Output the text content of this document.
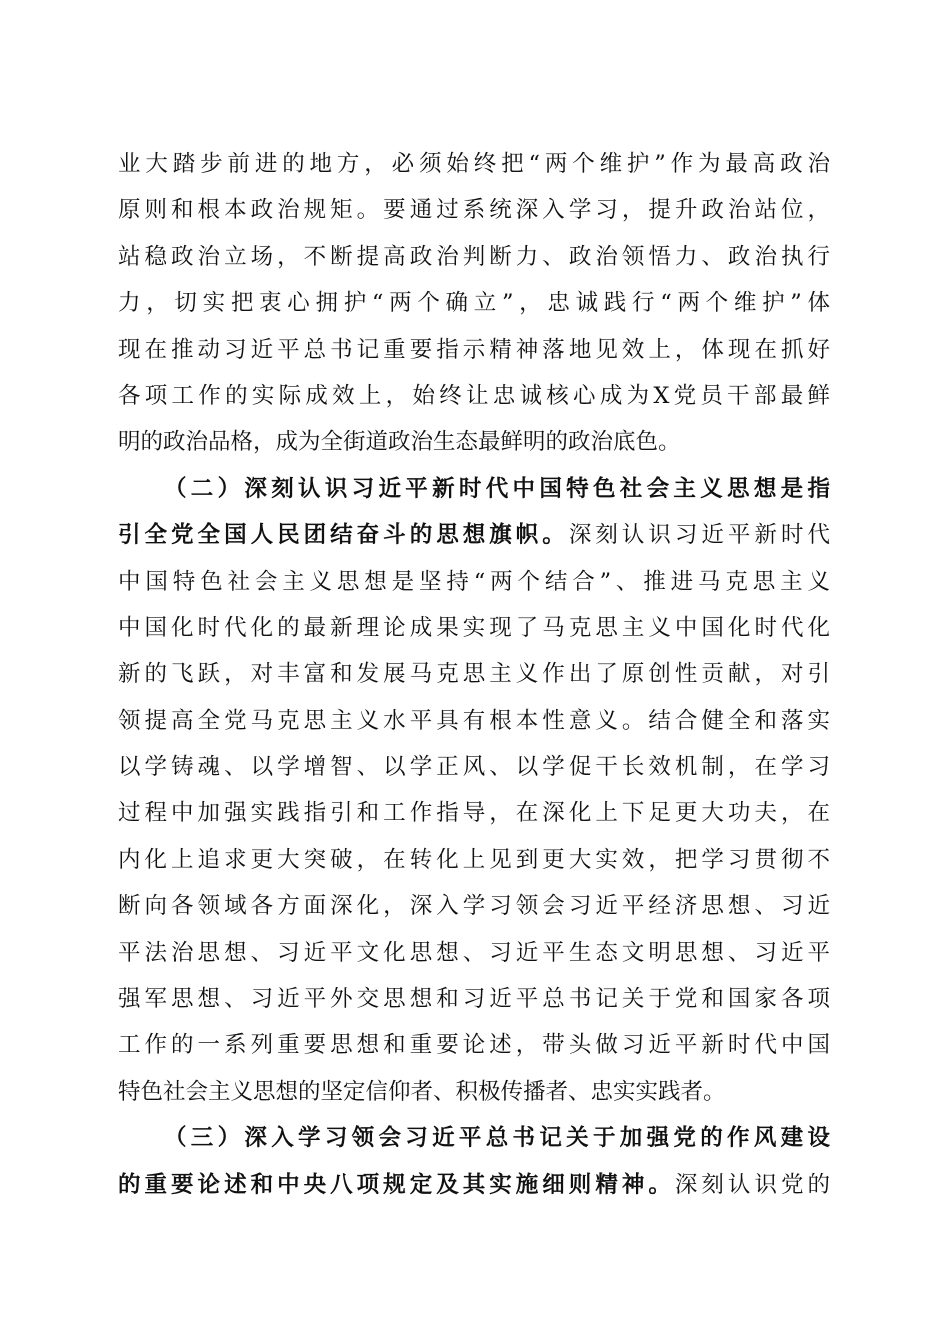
业大踏步前进的地方，必须始终把“两个维护”作为最高政治
原则和根本政治规矩。要通过系统深入学习，提升政治站位，
站稳政治立场，不断提高政治判断力、政治领悟力、政治执行
力，切实把衷心拥护“两个确立”，忠诚践行“两个维护”体
现在推动习近平总书记重要指示精神落地见效上，体现在抓好
各项工作的实际成效上，始终让忠诚核心成为X党员干部最鲜
明的政治品格，成为全街道政治生态最鲜明的政治底色。
（二）深刻认识习近平新时代中国特色社会主义思想是指
引全党全国人民团结奋斗的思想旗帜。深刻认识习近平新时代
中国特色社会主义思想是坚持“两个结合”、推进马克思主义
中国化时代化的最新理论成果实现了马克思主义中国化时代化
新的飞跃，对丰富和发展马克思主义作出了原创性贡献，对引
领提高全党马克思主义水平具有根本性意义。结合健全和落实
以学铸魂、以学增智、以学正风、以学促干长效机制，在学习
过程中加强实践指引和工作指导，在深化上下足更大功夫，在
内化上追求更大突破，在转化上见到更大实效，把学习贯彻不
断向各领域各方面深化，深入学习领会习近平经济思想、习近
平法治思想、习近平文化思想、习近平生态文明思想、习近平
强军思想、习近平外交思想和习近平总书记关于党和国家各项
工作的一系列重要思想和重要论述，带头做习近平新时代中国
特色社会主义思想的坚定信仰者、积极传播者、忠实实践者。
（三）深入学习领会习近平总书记关于加强党的作风建设
的重要论述和中央八项规定及其实施细则精神。深刻认识党的
